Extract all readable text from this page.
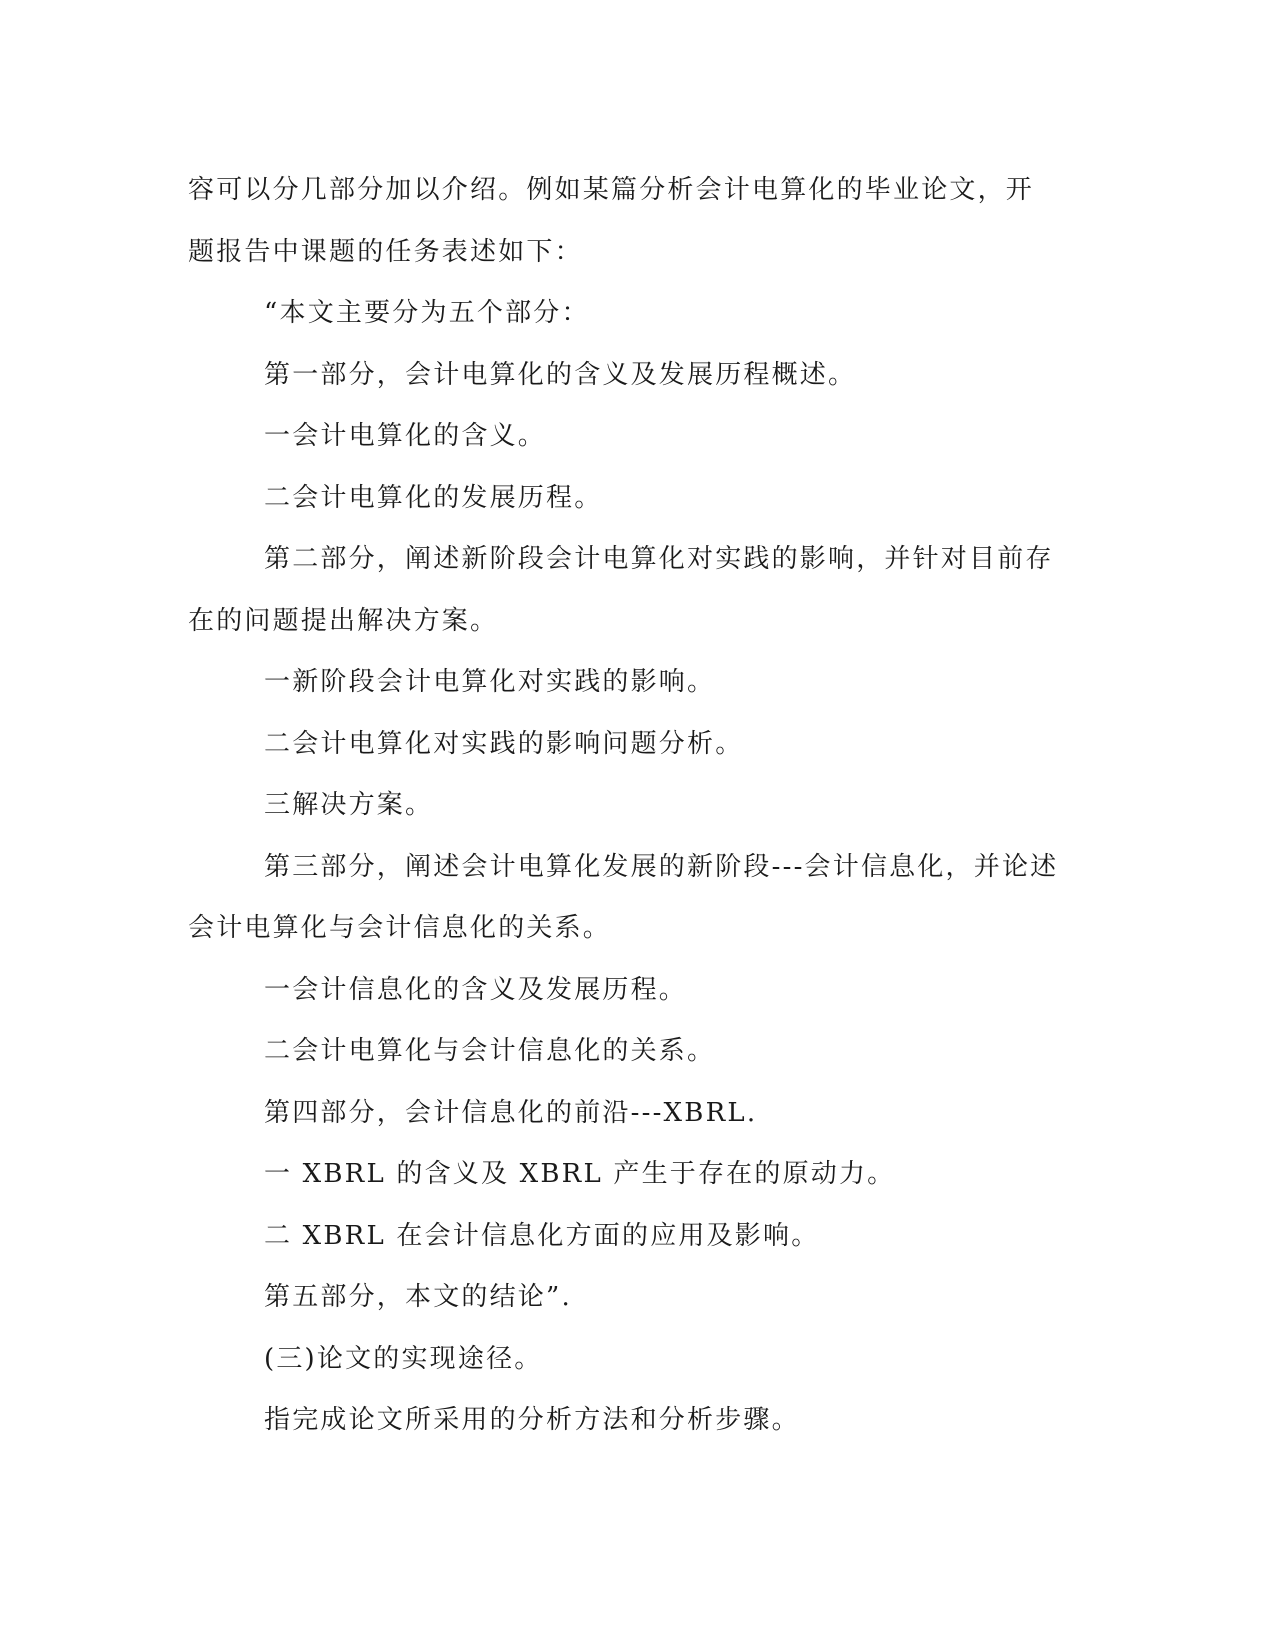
容可以分几部分加以介绍。例如某篇分析会计电算化的毕业论文，开
题报告中课题的任务表述如下：
“本文主要分为五个部分：
第一部分，会计电算化的含义及发展历程概述。
一会计电算化的含义。
二会计电算化的发展历程。
第二部分，阐述新阶段会计电算化对实践的影响，并针对目前存
在的问题提出解决方案。
一新阶段会计电算化对实践的影响。
二会计电算化对实践的影响问题分析。
三解决方案。
第三部分，阐述会计电算化发展的新阶段---会计信息化，并论述
会计电算化与会计信息化的关系。
一会计信息化的含义及发展历程。
二会计电算化与会计信息化的关系。
第四部分，会计信息化的前沿---XBRL.
一 XBRL 的含义及 XBRL 产生于存在的原动力。
二 XBRL 在会计信息化方面的应用及影响。
第五部分，本文的结论”.
(三)论文的实现途径。
指完成论文所采用的分析方法和分析步骤。
